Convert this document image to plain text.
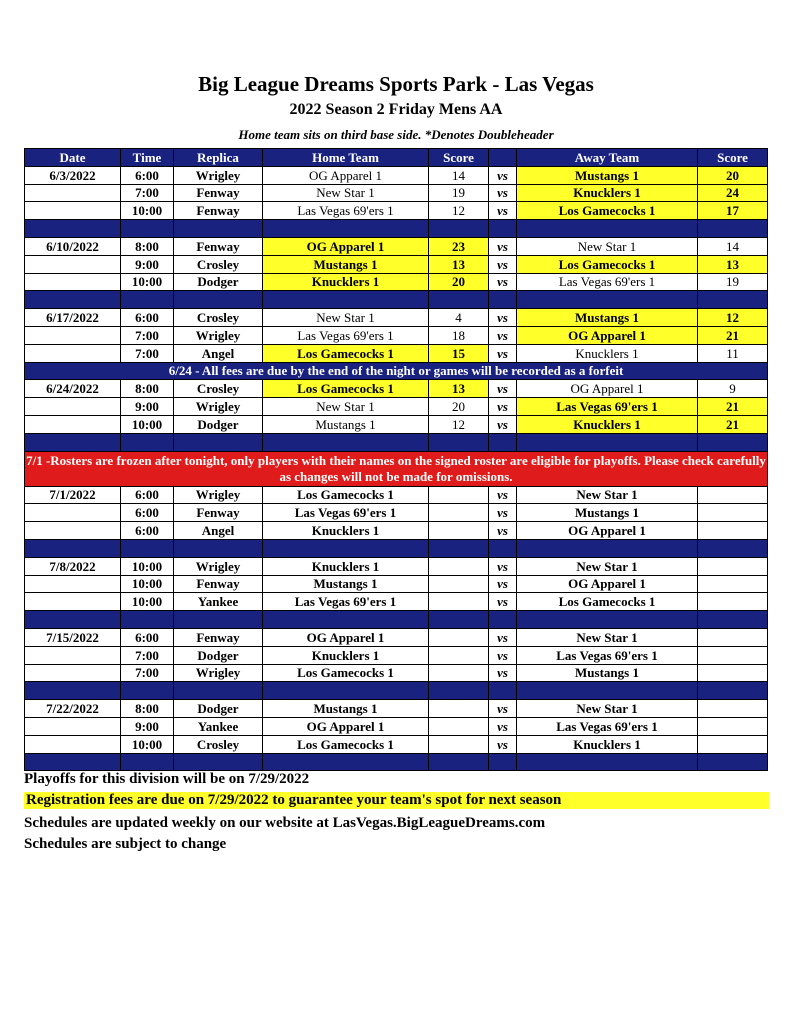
Big League Dreams Sports Park - Las Vegas
2022 Season 2 Friday Mens AA
Home team sits on third base side. *Denotes Doubleheader
Date	Time	Replica	Home Team	Score		Away Team	Score
6/3/2022	6:00	Wrigley	OG Apparel 1	14	vs	Mustangs 1	20
	7:00	Fenway	New Star 1	19	vs	Knucklers 1	24
	10:00	Fenway	Las Vegas 69'ers 1	12	vs	Los Gamecocks 1	17

6/10/2022	8:00	Fenway	OG Apparel 1	23	vs	New Star 1	14
	9:00	Crosley	Mustangs 1	13	vs	Los Gamecocks 1	13
	10:00	Dodger	Knucklers 1	20	vs	Las Vegas 69'ers 1	19

6/17/2022	6:00	Crosley	New Star 1	4	vs	Mustangs 1	12
	7:00	Wrigley	Las Vegas 69'ers 1	18	vs	OG Apparel 1	21
	7:00	Angel	Los Gamecocks 1	15	vs	Knucklers 1	11
6/24 - All fees are due by the end of the night or games will be recorded as a forfeit							
6/24/2022	8:00	Crosley	Los Gamecocks 1	13	vs	OG Apparel 1	9
	9:00	Wrigley	New Star 1	20	vs	Las Vegas 69'ers 1	21
	10:00	Dodger	Mustangs 1	12	vs	Knucklers 1	21

7/1 -Rosters are frozen after tonight, only players with their names on the signed roster are eligible for playoffs. Please check carefully as changes will not be made for omissions.							
7/1/2022	6:00	Wrigley	Los Gamecocks 1		vs	New Star 1	
	6:00	Fenway	Las Vegas 69'ers 1		vs	Mustangs 1	
	6:00	Angel	Knucklers 1		vs	OG Apparel 1	

7/8/2022	10:00	Wrigley	Knucklers 1		vs	New Star 1	
	10:00	Fenway	Mustangs 1		vs	OG Apparel 1	
	10:00	Yankee	Las Vegas 69'ers 1		vs	Los Gamecocks 1	

7/15/2022	6:00	Fenway	OG Apparel 1		vs	New Star 1	
	7:00	Dodger	Knucklers 1		vs	Las Vegas 69'ers 1	
	7:00	Wrigley	Los Gamecocks 1		vs	Mustangs 1	

7/22/2022	8:00	Dodger	Mustangs 1		vs	New Star 1	
	9:00	Yankee	OG Apparel 1		vs	Las Vegas 69'ers 1	
	10:00	Crosley	Los Gamecocks 1		vs	Knucklers 1	

Playoffs for this division will be on 7/29/2022
Registration fees are due on 7/29/2022 to guarantee your team's spot for next season
Schedules are updated weekly on our website at LasVegas.BigLeagueDreams.com
Schedules are subject to change
